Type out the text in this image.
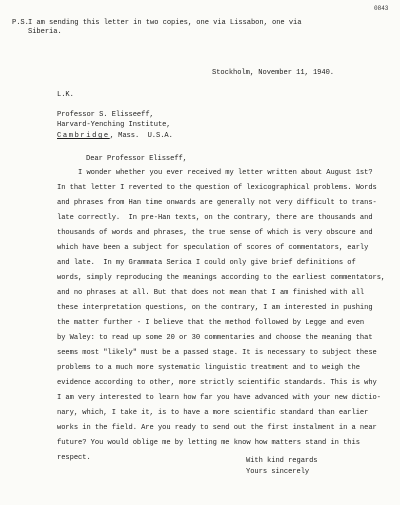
0843
P.S. I am sending this letter in two copies, one via Lissabon, one via
Siberia.
Stockholm, November 11, 1940.
L.K.
Professor S. Elisseeff,
Harvard-Yenching Institute,
Cambridge, Mass.  U.S.A.
Dear Professor Elisseff,
I wonder whether you ever received my letter written about August 1st?
In that letter I reverted to the question of lexicographical problems. Words
and phrases from Han time onwards are generally not very difficult to trans-
late correctly.  In pre-Han texts, on the contrary, there are thousands and
thousands of words and phrases, the true sense of which is very obscure and
which have been a subject for speculation of scores of commentators, early
and late.  In my Grammata Serica I could only give brief definitions of
words, simply reproducing the meanings according to the earliest commentators,
and no phrases at all. But that does not mean that I am finished with all
these interpretation questions, on the contrary, I am interested in pushing
the matter further - I believe that the method followed by Legge and even
by Waley: to read up some 20 or 30 commentaries and choose the meaning that
seems most "likely" must be a passed stage. It is necessary to subject these
problems to a much more systematic linguistic treatment and to weigh the
evidence according to other, more strictly scientific standards. This is why
I am very interested to learn how far you have advanced with your new dictio-
nary, which, I take it, is to have a more scientific standard than earlier
works in the field. Are you ready to send out the first instalment in a near
future? You would oblige me by letting me know how matters stand in this
respect.	With kind regards
Yours sincerely
